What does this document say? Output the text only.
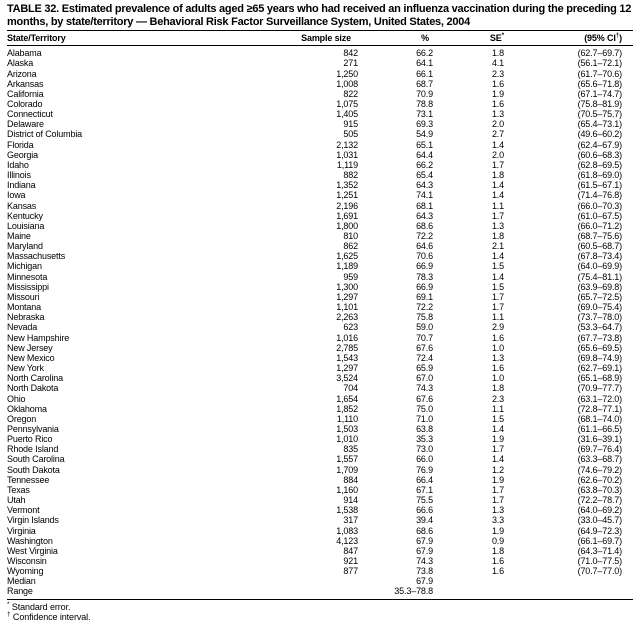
TABLE 32. Estimated prevalence of adults aged ≥65 years who had received an influenza vaccination during the preceding 12 months, by state/territory — Behavioral Risk Factor Surveillance System, United States, 2004
State/Territory	Sample size	%	SE*	(95% CI†)
Alabama	842	66.2	1.8	(62.7–69.7)
Alaska	271	64.1	4.1	(56.1–72.1)
Arizona	1,250	66.1	2.3	(61.7–70.6)
Arkansas	1,008	68.7	1.6	(65.6–71.8)
California	822	70.9	1.9	(67.1–74.7)
Colorado	1,075	78.8	1.6	(75.8–81.9)
Connecticut	1,405	73.1	1.3	(70.5–75.7)
Delaware	915	69.3	2.0	(65.4–73.1)
District of Columbia	505	54.9	2.7	(49.6–60.2)
Florida	2,132	65.1	1.4	(62.4–67.9)
Georgia	1,031	64.4	2.0	(60.6–68.3)
Idaho	1,119	66.2	1.7	(62.8–69.5)
Illinois	882	65.4	1.8	(61.8–69.0)
Indiana	1,352	64.3	1.4	(61.5–67.1)
Iowa	1,251	74.1	1.4	(71.4–76.8)
Kansas	2,196	68.1	1.1	(66.0–70.3)
Kentucky	1,691	64.3	1.7	(61.0–67.5)
Louisiana	1,800	68.6	1.3	(66.0–71.2)
Maine	810	72.2	1.8	(68.7–75.6)
Maryland	862	64.6	2.1	(60.5–68.7)
Massachusetts	1,625	70.6	1.4	(67.8–73.4)
Michigan	1,189	66.9	1.5	(64.0–69.9)
Minnesota	959	78.3	1.4	(75.4–81.1)
Mississippi	1,300	66.9	1.5	(63.9–69.8)
Missouri	1,297	69.1	1.7	(65.7–72.5)
Montana	1,101	72.2	1.7	(69.0–75.4)
Nebraska	2,263	75.8	1.1	(73.7–78.0)
Nevada	623	59.0	2.9	(53.3–64.7)
New Hampshire	1,016	70.7	1.6	(67.7–73.8)
New Jersey	2,785	67.6	1.0	(65.6–69.5)
New Mexico	1,543	72.4	1.3	(69.8–74.9)
New York	1,297	65.9	1.6	(62.7–69.1)
North Carolina	3,524	67.0	1.0	(65.1–68.9)
North Dakota	704	74.3	1.8	(70.9–77.7)
Ohio	1,654	67.6	2.3	(63.1–72.0)
Oklahoma	1,852	75.0	1.1	(72.8–77.1)
Oregon	1,110	71.0	1.5	(68.1–74.0)
Pennsylvania	1,503	63.8	1.4	(61.1–66.5)
Puerto Rico	1,010	35.3	1.9	(31.6–39.1)
Rhode Island	835	73.0	1.7	(69.7–76.4)
South Carolina	1,557	66.0	1.4	(63.3–68.7)
South Dakota	1,709	76.9	1.2	(74.6–79.2)
Tennessee	884	66.4	1.9	(62.6–70.2)
Texas	1,160	67.1	1.7	(63.8–70.3)
Utah	914	75.5	1.7	(72.2–78.7)
Vermont	1,538	66.6	1.3	(64.0–69.2)
Virgin Islands	317	39.4	3.3	(33.0–45.7)
Virginia	1,083	68.6	1.9	(64.9–72.3)
Washington	4,123	67.9	0.9	(66.1–69.7)
West Virginia	847	67.9	1.8	(64.3–71.4)
Wisconsin	921	74.3	1.6	(71.0–77.5)
Wyoming	877	73.8	1.6	(70.7–77.0)
Median		67.9		
Range		35.3–78.8		
* Standard error.
† Confidence interval.
